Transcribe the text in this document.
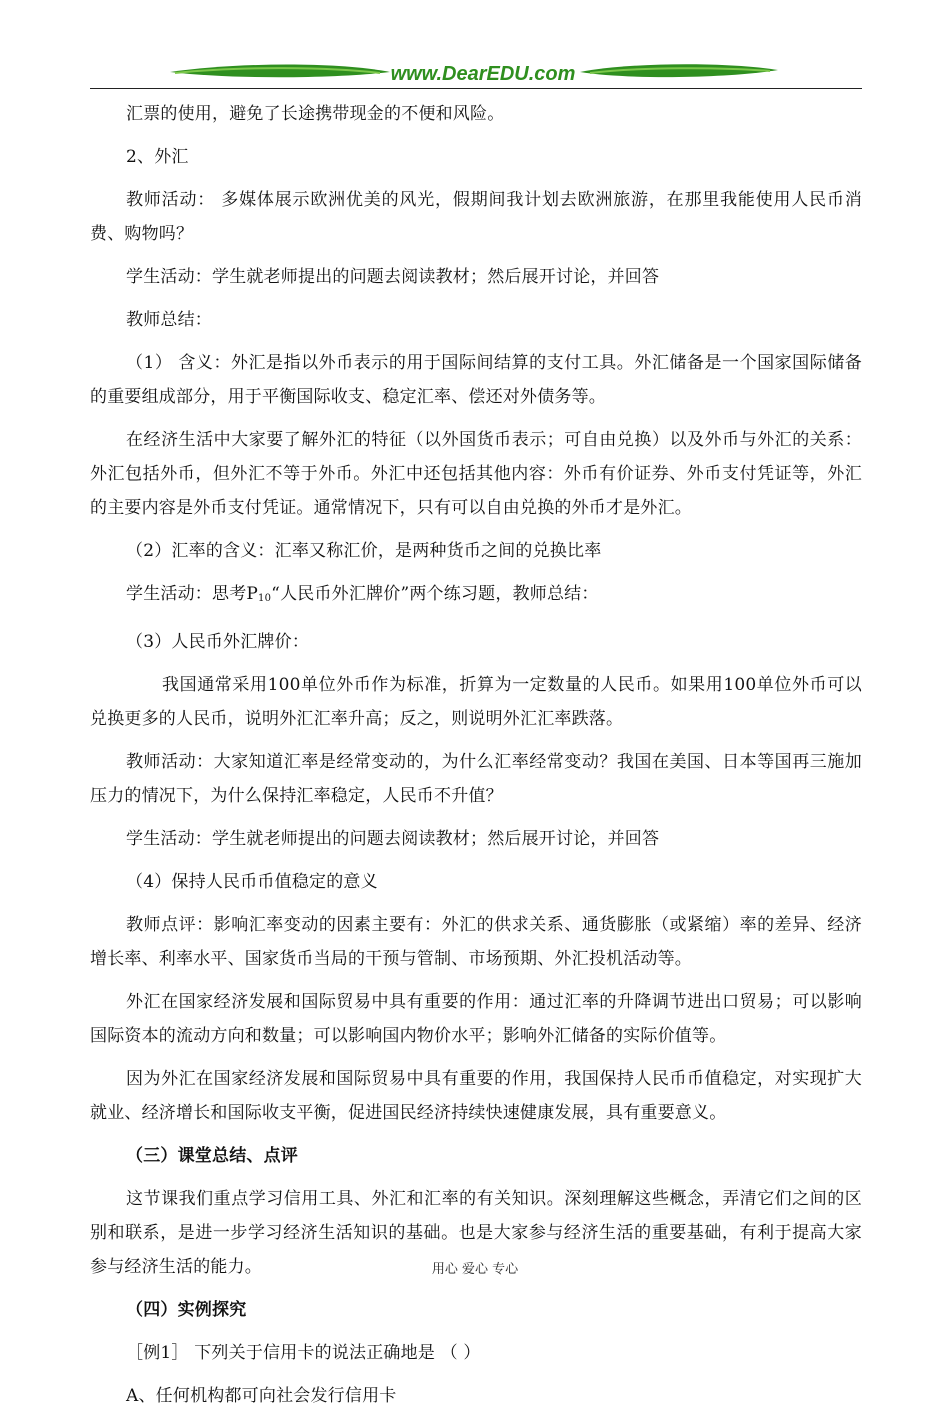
www.DearEDU.com

汇票的使用，避免了长途携带现金的不便和风险。

2、外汇

教师活动： 多媒体展示欧洲优美的风光，假期间我计划去欧洲旅游，在那里我能使用人民币消费、购物吗？

学生活动：学生就老师提出的问题去阅读教材；然后展开讨论，并回答

教师总结：

（1） 含义：外汇是指以外币表示的用于国际间结算的支付工具。外汇储备是一个国家国际储备的重要组成部分，用于平衡国际收支、稳定汇率、偿还对外债务等。

在经济生活中大家要了解外汇的特征（以外国货币表示；可自由兑换）以及外币与外汇的关系：外汇包括外币，但外汇不等于外币。外汇中还包括其他内容：外币有价证券、外币支付凭证等，外汇的主要内容是外币支付凭证。通常情况下，只有可以自由兑换的外币才是外汇。

（2）汇率的含义：汇率又称汇价，是两种货币之间的兑换比率

学生活动：思考$P_{10}“$人民币外汇牌价”两个练习题，教师总结：

（3）人民币外汇牌价：

我国通常采用100单位外币作为标准，折算为一定数量的人民币。如果用100单位外币可以兑换更多的人民币，说明外汇汇率升高；反之，则说明外汇汇率跌落。

教师活动：大家知道汇率是经常变动的，为什么汇率经常变动？我国在美国、日本等国再三施加压力的情况下，为什么保持汇率稳定，人民币不升值？

学生活动：学生就老师提出的问题去阅读教材；然后展开讨论，并回答

（4）保持人民币币值稳定的意义

教师点评：影响汇率变动的因素主要有：外汇的供求关系、通货膨胀（或紧缩）率的差异、经济增长率、利率水平、国家货币当局的干预与管制、市场预期、外汇投机活动等。

外汇在国家经济发展和国际贸易中具有重要的作用：通过汇率的升降调节进出口贸易；可以影响国际资本的流动方向和数量；可以影响国内物价水平；影响外汇储备的实际价值等。

因为外汇在国家经济发展和国际贸易中具有重要的作用，我国保持人民币币值稳定，对实现扩大就业、经济增长和国际收支平衡，促进国民经济持续快速健康发展，具有重要意义。

（三）课堂总结、点评

这节课我们重点学习信用工具、外汇和汇率的有关知识。深刻理解这些概念，弄清它们之间的区别和联系，是进一步学习经济生活知识的基础。也是大家参与经济生活的重要基础，有利于提高大家参与经济生活的能力。

（四）实例探究

［例1］ 下列关于信用卡的说法正确地是 （ ）

A、任何机构都可向社会发行信用卡

用心 爱心 专心
